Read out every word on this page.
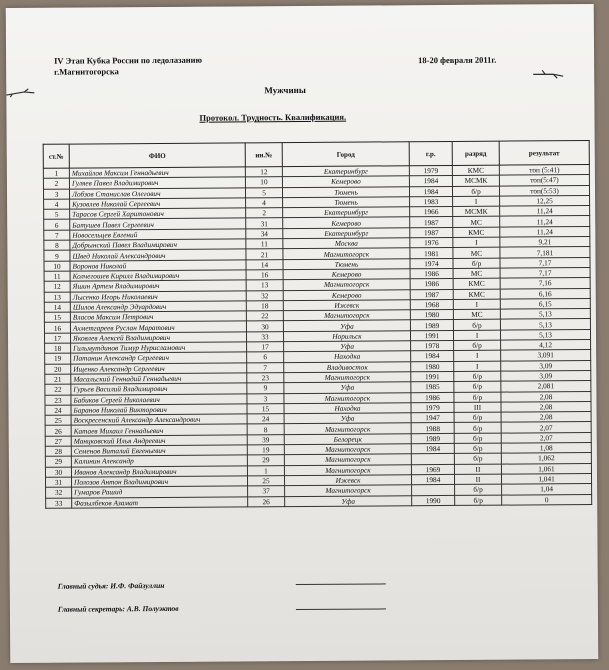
IV Этап Кубка России по ледолазанию
г.Магнитогорска
18-20 февраля 2011г.
Мужчины
Протокол. Трудность. Квалификация.
ст.№	ФИО	ин.№	Город	г.р.	разряд	результат
1	Михайлов Максим Геннадьевич	12	Екатеринбург	1979	КМС	топ (5:41)
2	Гуляев Павел Владимирович	10	Кемерово	1984	МСМК	топ(5:47)
3	Лобзов Станислав Олегович	5	Тюмень	1984	б/р	топ(5:53)
4	Кузовлев Николай Сергеевич	4	Тюмень	1983	I	12,25
5	Тарасов Сергей Харитонович	2	Екатеринбург	1966	МСМК	11,24
6	Батушев Павел Сергеевич	31	Кемерово	1987	МС	11,24
7	Новосельцев Евгений	34	Екатеринбург	1987	КМС	11,24
8	Добрынский Павел Владимирович	11	Москва	1976	I	9,21
9	Швед Николай Александрович	21	Магнитогорск	1981	МС	7,181
10	Воронов Николай	14	Тюмень	1974	б/р	7,17
11	Колчегошев Кирилл Владимирович	16	Кемерово	1986	МС	7,17
12	Яшин Артем Владимирович	13	Магнитогорск	1986	КМС	7,16
13	Лысенко Игорь Николаевич	32	Кемерово	1987	КМС	6,16
14	Шилов Александр Эдуардович	18	Ижевск	1968	I	6,15
15	Власов Максим Петрович	22	Магнитогорск	1980	МС	5,13
16	Ахметгареев Руслан Маратович	30	Уфа	1989	б/р	5,13
17	Яковлев Алексей Владимирович	33	Норильск	1991	I	5,13
18	Гильмутдинов Тимур Нурисламович	17	Уфа	1978	б/р	4,12
19	Патанин Александр Сергеевич	6	Находка	1984	I	3,091
20	Ищенко Александр Сергеевич	7	Владивосток	1980	I	3,09
21	Масальский Геннадий Геннадьевич	23	Магнитогорск	1991	б/р	3,09
22	Гурьев Василий Владимирович	9	Уфа	1985	б/р	2,081
23	Бабиков Сергей Николаевич	3	Магнитогорск	1986	б/р	2,08
24	Баранов Николай Викторович	15	Находка	1979	III	2,08
25	Воскресенский Александр Александрович	24	Уфа	1947	б/р	2,08
26	Катаев Михаил Геннадьевич	8	Магнитогорск	1988	б/р	2,07
27	Манцковский Илья Андреевич	39	Белорецк	1989	б/р	2,07
28	Семенов Виталий Евгеньевич	19	Магнитогорск	1984	б/р	1,08
29	Калинин Александр	29	Магнитогорск		б/р	1,062
30	Иванов Александр Владимирович	1	Магнитогорск	1969	II	1,061
31	Полозов Антон Владимирович	25	Ижевск	1984	II	1,041
32	Гумаров Рашид	37	Магнитогорск		б/р	1,04
33	Фазылбеков Азамат	26	Уфа	1990	б/р	0
Главный судья: И.Ф. Файзуллин
Главный секретарь: А.В. Полуэктов
